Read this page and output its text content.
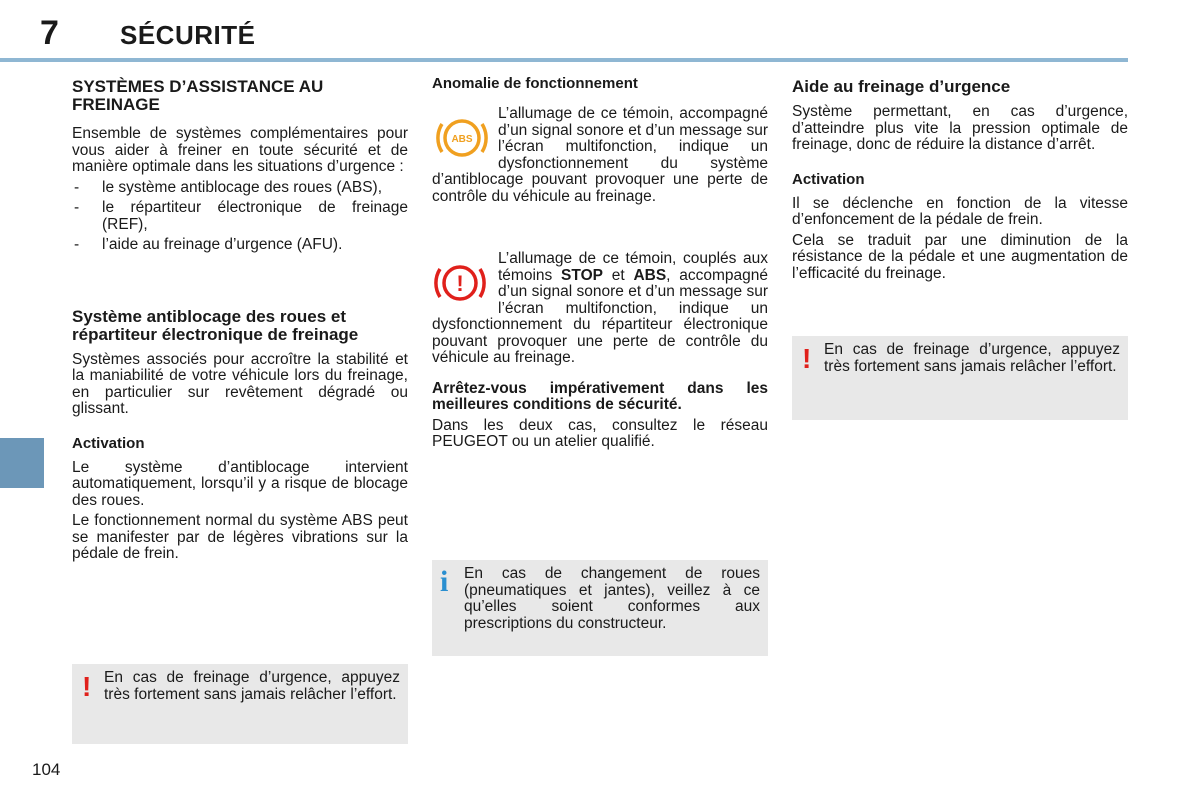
7 SÉCURITÉ
104
SYSTÈMES D’ASSISTANCE AU FREINAGE

Ensemble de systèmes complémentaires pour vous aider à freiner en toute sécurité et de manière optimale dans les situations d’urgence :

- le système antiblocage des roues (ABS),
- le répartiteur électronique de freinage (REF),
- l’aide au freinage d’urgence (AFU).
Système antiblocage des roues et répartiteur électronique de freinage

Systèmes associés pour accroître la stabilité et la maniabilité de votre véhicule lors du freinage, en particulier sur revêtement dégradé ou glissant.

Activation

Le système d’antiblocage intervient automatiquement, lorsqu’il y a risque de blocage des roues.

Le fonctionnement normal du système ABS peut se manifester par de légères vibrations sur la pédale de frein.

! En cas de freinage d’urgence, appuyez très fortement sans jamais relâcher l’effort.
Anomalie de fonctionnement
ABS

L’allumage de ce témoin, accompagné d’un signal sonore et d’un message sur l’écran multifonction, indique un dysfonctionnement du système d’antiblocage pouvant provoquer une perte de contrôle du véhicule au freinage.

!

L’allumage de ce témoin, couplés aux témoins STOP et ABS, accompagné d’un signal sonore et d’un message sur l’écran multifonction, indique un dysfonctionnement du répartiteur électronique pouvant provoquer une perte de contrôle du véhicule au freinage.

Arrêtez-vous impérativement dans les meilleures conditions de sécurité.

Dans les deux cas, consultez le réseau PEUGEOT ou un atelier qualifié.

i En cas de changement de roues (pneumatiques et jantes), veillez à ce qu’elles soient conformes aux prescriptions du constructeur.
Aide au freinage d’urgence

Système permettant, en cas d’urgence, d’atteindre plus vite la pression optimale de freinage, donc de réduire la distance d’arrêt.

Activation

Il se déclenche en fonction de la vitesse d’enfoncement de la pédale de frein.

Cela se traduit par une diminution de la résistance de la pédale et une augmentation de l’efficacité du freinage.

! En cas de freinage d’urgence, appuyez très fortement sans jamais relâcher l’effort.
